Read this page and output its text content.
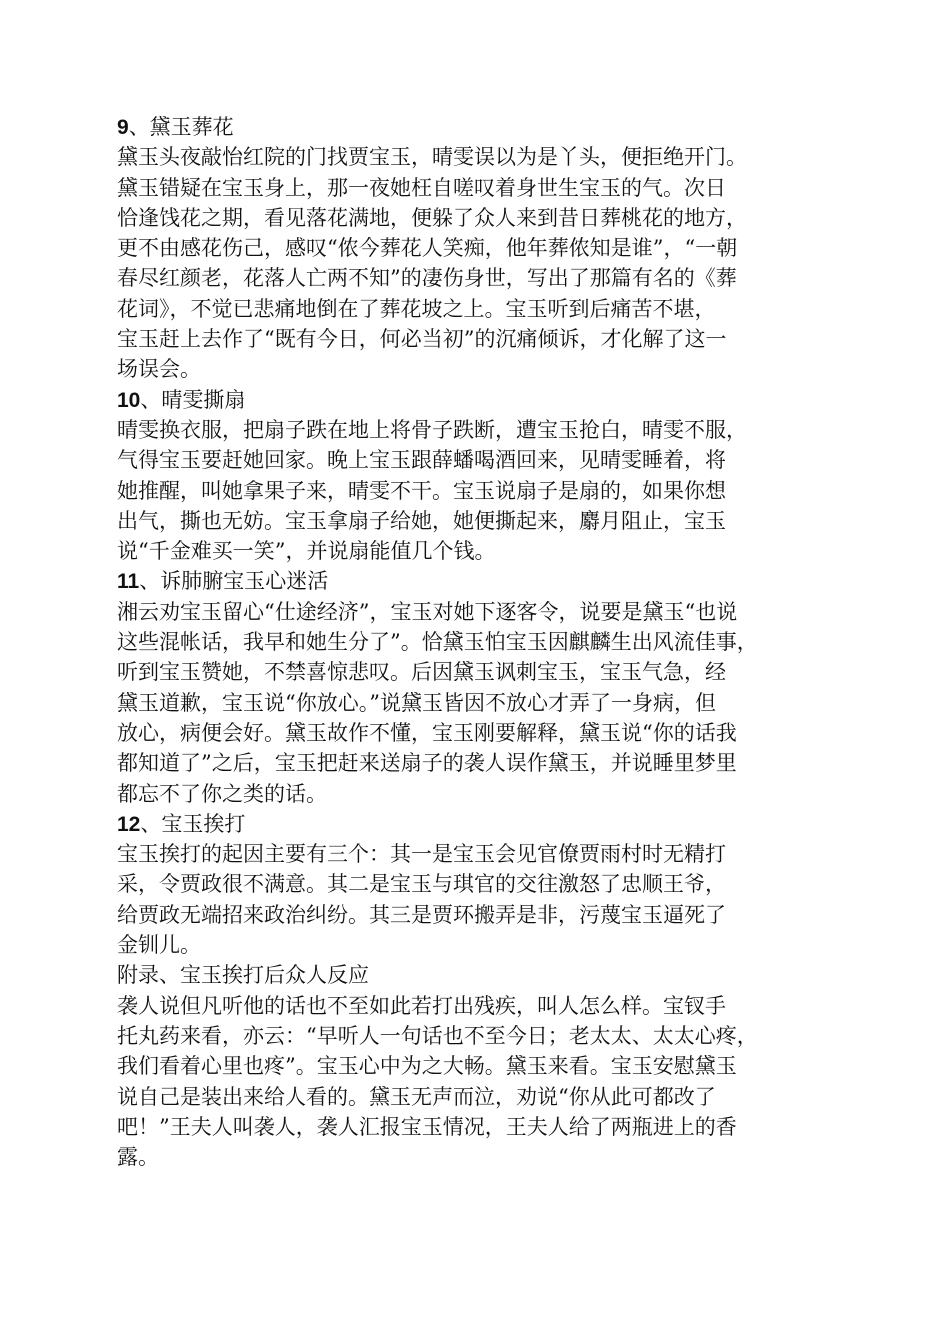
9、黛玉葬花
黛玉头夜敲怡红院的门找贾宝玉，晴雯误以为是丫头，便拒绝开门。
黛玉错疑在宝玉身上，那一夜她枉自嗟叹着身世生宝玉的气。次日
恰逢饯花之期，看见落花满地，便躲了众人来到昔日葬桃花的地方，
更不由感花伤己，感叹“侬今葬花人笑痴，他年葬侬知是谁”，“一朝
春尽红颜老，花落人亡两不知”的凄伤身世，写出了那篇有名的《葬
花词》，不觉已悲痛地倒在了葬花坡之上。宝玉听到后痛苦不堪，
宝玉赶上去作了“既有今日，何必当初”的沉痛倾诉，才化解了这一
场误会。
10、晴雯撕扇
晴雯换衣服，把扇子跌在地上将骨子跌断，遭宝玉抢白，晴雯不服，
气得宝玉要赶她回家。晚上宝玉跟薛蟠喝酒回来，见晴雯睡着，将
她推醒，叫她拿果子来，晴雯不干。宝玉说扇子是扇的，如果你想
出气，撕也无妨。宝玉拿扇子给她，她便撕起来，麝月阻止，宝玉
说“千金难买一笑”，并说扇能值几个钱。
11、诉肺腑宝玉心迷活
湘云劝宝玉留心“仕途经济”，宝玉对她下逐客令，说要是黛玉“也说
这些混帐话，我早和她生分了”。恰黛玉怕宝玉因麒麟生出风流佳事，
听到宝玉赞她，不禁喜惊悲叹。后因黛玉讽刺宝玉，宝玉气急，经
黛玉道歉，宝玉说“你放心。”说黛玉皆因不放心才弄了一身病，但
放心，病便会好。黛玉故作不懂，宝玉刚要解释，黛玉说“你的话我
都知道了”之后，宝玉把赶来送扇子的袭人误作黛玉，并说睡里梦里
都忘不了你之类的话。
12、宝玉挨打
宝玉挨打的起因主要有三个：其一是宝玉会见官僚贾雨村时无精打
采，令贾政很不满意。其二是宝玉与琪官的交往激怒了忠顺王爷，
给贾政无端招来政治纠纷。其三是贾环搬弄是非，污蔑宝玉逼死了
金钏儿。
附录、宝玉挨打后众人反应
袭人说但凡听他的话也不至如此若打出残疾，叫人怎么样。宝钗手
托丸药来看，亦云：“早听人一句话也不至今日；老太太、太太心疼，
我们看着心里也疼”。宝玉心中为之大畅。黛玉来看。宝玉安慰黛玉
说自己是装出来给人看的。黛玉无声而泣，劝说“你从此可都改了
吧！”王夫人叫袭人，袭人汇报宝玉情况，王夫人给了两瓶进上的香
露。
